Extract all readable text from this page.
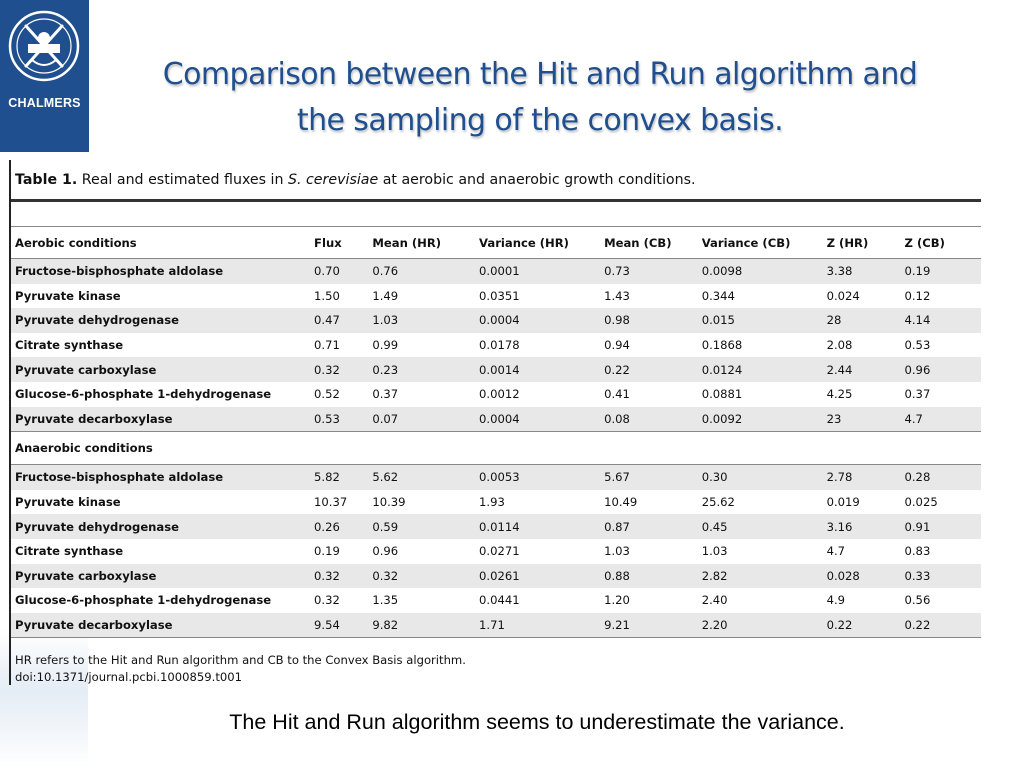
CHALMERS
Comparison between the Hit and Run algorithm and
the sampling of the convex basis.
Table 1. Real and estimated fluxes in S. cerevisiae at aerobic and anaerobic growth conditions.
Aerobic conditions	Flux	Mean (HR)	Variance (HR)	Mean (CB)	Variance (CB)	Z (HR)	Z (CB)
Fructose-bisphosphate aldolase	0.70	0.76	0.0001	0.73	0.0098	3.38	0.19
Pyruvate kinase	1.50	1.49	0.0351	1.43	0.344	0.024	0.12
Pyruvate dehydrogenase	0.47	1.03	0.0004	0.98	0.015	28	4.14
Citrate synthase	0.71	0.99	0.0178	0.94	0.1868	2.08	0.53
Pyruvate carboxylase	0.32	0.23	0.0014	0.22	0.0124	2.44	0.96
Glucose-6-phosphate 1-dehydrogenase	0.52	0.37	0.0012	0.41	0.0881	4.25	0.37
Pyruvate decarboxylase	0.53	0.07	0.0004	0.08	0.0092	23	4.7
Anaerobic conditions							
Fructose-bisphosphate aldolase	5.82	5.62	0.0053	5.67	0.30	2.78	0.28
Pyruvate kinase	10.37	10.39	1.93	10.49	25.62	0.019	0.025
Pyruvate dehydrogenase	0.26	0.59	0.0114	0.87	0.45	3.16	0.91
Citrate synthase	0.19	0.96	0.0271	1.03	1.03	4.7	0.83
Pyruvate carboxylase	0.32	0.32	0.0261	0.88	2.82	0.028	0.33
Glucose-6-phosphate 1-dehydrogenase	0.32	1.35	0.0441	1.20	2.40	4.9	0.56
Pyruvate decarboxylase	9.54	9.82	1.71	9.21	2.20	0.22	0.22
HR refers to the Hit and Run algorithm and CB to the Convex Basis algorithm.
doi:10.1371/journal.pcbi.1000859.t001
The Hit and Run algorithm seems to underestimate the variance.
